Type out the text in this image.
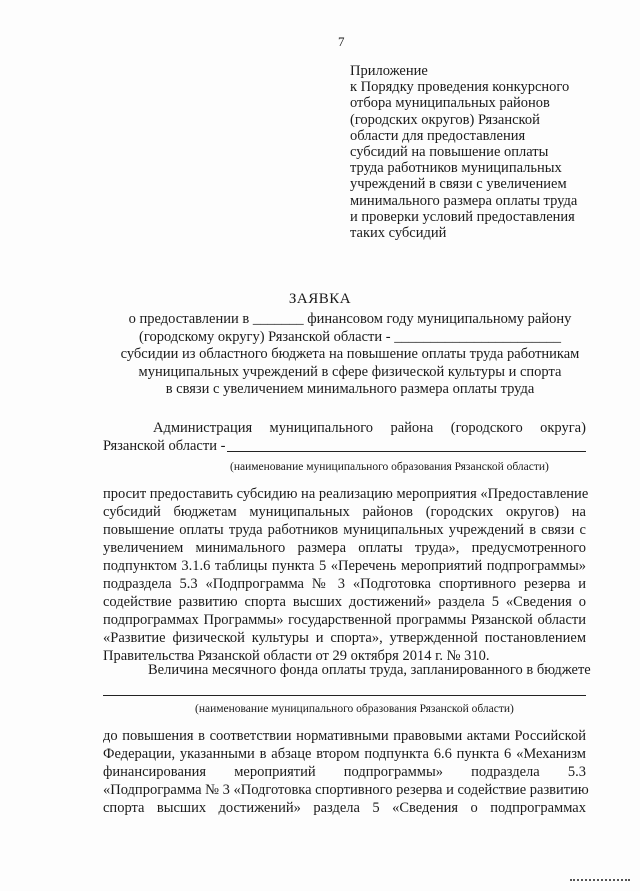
7
Приложение
к Порядку проведения конкурсного
отбора муниципальных районов
(городских округов) Рязанской
области для предоставления
субсидий на повышение оплаты
труда работников муниципальных
учреждений в связи с увеличением
минимального размера оплаты труда
и проверки условий предоставления
таких субсидий
ЗАЯВКА
о предоставлении в _______ финансовом году муниципальному району
(городскому округу) Рязанской области - _______________________
субсидии из областного бюджета на повышение оплаты труда работникам
муниципальных учреждений в сфере физической культуры и спорта
в связи с увеличением минимального размера оплаты труда
Администрация муниципального района (городского округа)
Рязанской области -
(наименование муниципального образования Рязанской области)
просит предоставить субсидию на реализацию мероприятия «Предоставление
субсидий бюджетам муниципальных районов (городских округов) на
повышение оплаты труда работников муниципальных учреждений в связи с
увеличением минимального размера оплаты труда», предусмотренного
подпунктом 3.1.6 таблицы пункта 5 «Перечень мероприятий подпрограммы»
подраздела 5.3 «Подпрограмма № 3 «Подготовка спортивного резерва и
содействие развитию спорта высших достижений» раздела 5 «Сведения о
подпрограммах Программы» государственной программы Рязанской области
«Развитие физической культуры и спорта», утвержденной постановлением
Правительства Рязанской области от 29 октября 2014 г. № 310.
Величина месячного фонда оплаты труда, запланированного в бюджете
(наименование муниципального образования Рязанской области)
до повышения в соответствии нормативными правовыми актами Российской
Федерации, указанными в абзаце втором подпункта 6.6 пункта 6 «Механизм
финансирования мероприятий подпрограммы» подраздела 5.3
«Подпрограмма № 3 «Подготовка спортивного резерва и содействие развитию
спорта высших достижений» раздела 5 «Сведения о подпрограммах
